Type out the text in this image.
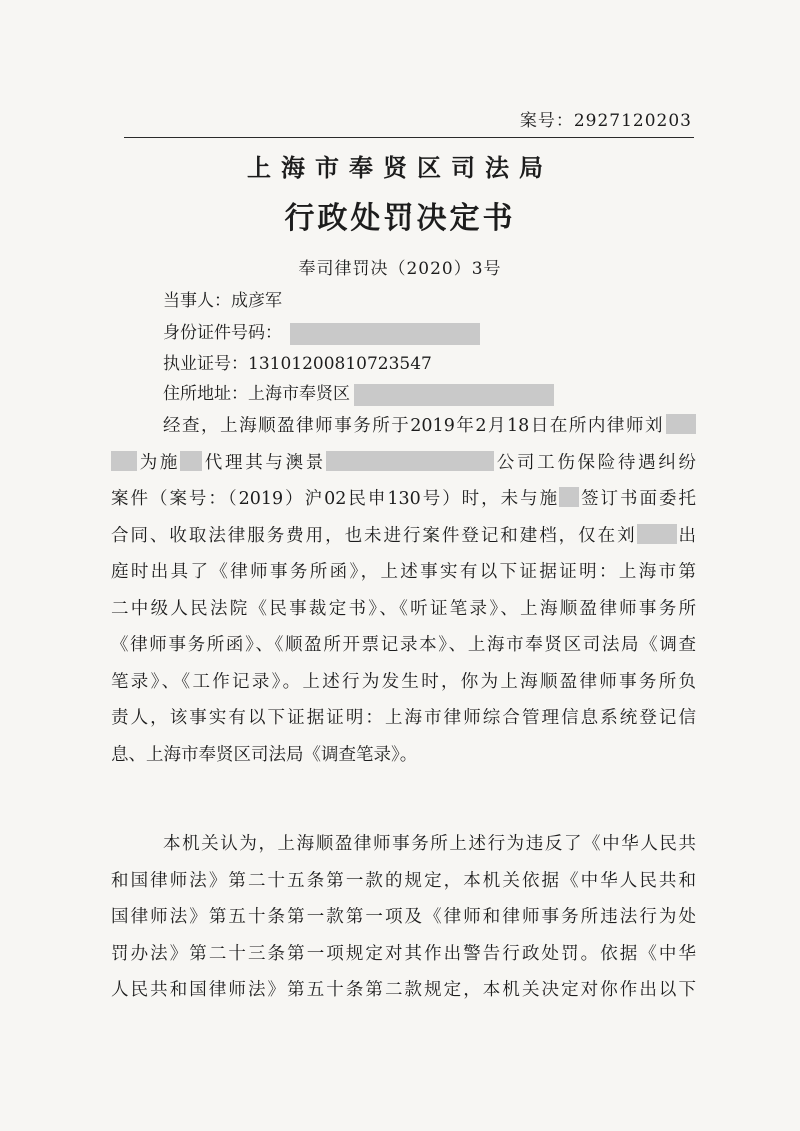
案号：2927120203
上海市奉贤区司法局
行政处罚决定书
奉司律罚决（2020）3号
当事人：成彦军
身份证件号码：
执业证号：13101200810723547
住所地址：上海市奉贤区
经查，上海顺盈律师事务所于2019年2月18日在所内律师刘
为施 代理其与澳景	公司工伤保险待遇纠纷
案件（案号：（2019）沪02民申130号）时，未与施 签订书面委托
合同、收取法律服务费用，也未进行案件登记和建档，仅在刘 出
庭时出具了《律师事务所函》，上述事实有以下证据证明：上海市第
二中级人民法院《民事裁定书》、《听证笔录》、上海顺盈律师事务所
《律师事务所函》、《顺盈所开票记录本》、上海市奉贤区司法局《调查
笔录》、《工作记录》。上述行为发生时，你为上海顺盈律师事务所负
责人，该事实有以下证据证明：上海市律师综合管理信息系统登记信
息、上海市奉贤区司法局《调查笔录》。
本机关认为，上海顺盈律师事务所上述行为违反了《中华人民共
和国律师法》第二十五条第一款的规定，本机关依据《中华人民共和
国律师法》第五十条第一款第一项及《律师和律师事务所违法行为处
罚办法》第二十三条第一项规定对其作出警告行政处罚。依据《中华
人民共和国律师法》第五十条第二款规定，本机关决定对你作出以下
